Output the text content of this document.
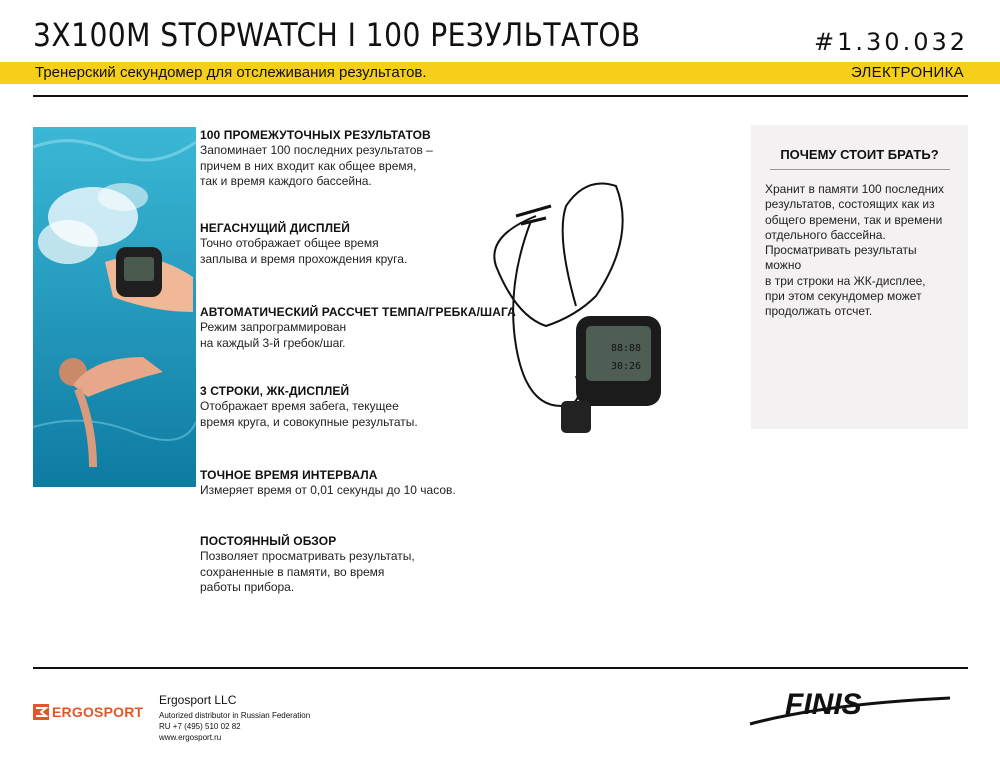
3X100M STOPWATCH I 100 РЕЗУЛЬТАТОВ	#1.30.032
Тренерский секундомер для отслеживания результатов.	ЭЛЕКТРОНИКА
100 ПРОМЕЖУТОЧНЫХ РЕЗУЛЬТАТОВ

Запоминает 100 последних результатов –
причем в них входит как общее время,
так и время каждого бассейна.

НЕГАСНУЩИЙ ДИСПЛЕЙ

Точно отображает общее время
заплыва и время прохождения круга.

АВТОМАТИЧЕСКИЙ РАССЧЕТ ТЕМПА/ГРЕБКА/ШАГА

Режим запрограммирован
на каждый 3-й гребок/шаг.

3 СТРОКИ, ЖК-ДИСПЛЕЙ

Отображает время забега, текущее
время круга, и совокупные результаты.

ТОЧНОЕ ВРЕМЯ ИНТЕРВАЛА

Измеряет время от 0,01 секунды до 10 часов.

ПОСТОЯННЫЙ ОБЗОР

Позволяет просматривать результаты,
сохраненные в памяти, во время
работы прибора.

88:88
30:26
ПОЧЕМУ СТОИТ БРАТЬ?

Хранит в памяти 100 последних
результатов, состоящих как из
общего времени, так и времени
отдельного бассейна.
Просматривать результаты можно
в три строки на ЖК-дисплее,
при этом секундомер может
продолжать отсчет.

ERGOSPORT
Ergosport LLC
Autorized distributor in Russian Federation
RU +7 (495) 510 02 82
www.ergosport.ru
FINIS
